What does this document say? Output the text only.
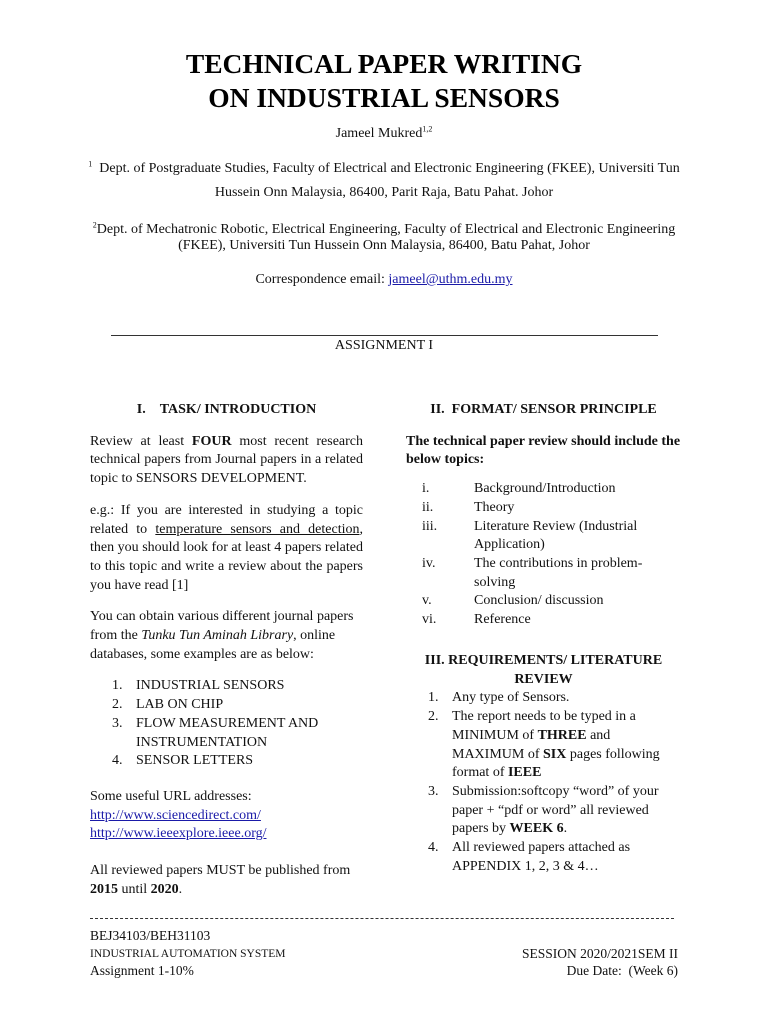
TECHNICAL PAPER WRITING
ON INDUSTRIAL SENSORS
Jameel Mukred$^{1,2}$
$^1$ Dept. of Postgraduate Studies, Faculty of Electrical and Electronic Engineering (FKEE), Universiti Tun
Hussein Onn Malaysia, 86400, Parit Raja, Batu Pahat. Johor
$^2$Dept. of Mechatronic Robotic, Electrical Engineering, Faculty of Electrical and Electronic Engineering
(FKEE), Universiti Tun Hussein Onn Malaysia, 86400, Batu Pahat, Johor
Correspondence email: jameel@uthm.edu.my
ASSIGNMENT I
I.    TASK/ INTRODUCTION

Review at least FOUR most recent research technical papers from Journal papers in a related topic to SENSORS DEVELOPMENT.

e.g.: If you are interested in studying a topic related to temperature sensors and detection, then you should look for at least 4 papers related to this topic and write a review about the papers you have read [1]

You can obtain various different journal papers from the Tunku Tun Aminah Library, online databases, some examples are as below:

1. INDUSTRIAL SENSORS
2. LAB ON CHIP
3. FLOW MEASUREMENT AND INSTRUMENTATION
4. SENSOR LETTERS

Some useful URL addresses:

http://www.sciencedirect.com/

http://www.ieeexplore.ieee.org/

All reviewed papers MUST be published from 2015 until 2020.

II.  FORMAT/ SENSOR PRINCIPLE

The technical paper review should include the below topics:

i.	Background/Introduction
ii.	Theory
iii.	Literature Review (Industrial Application)
iv.	The contributions in problem-solving
v.	Conclusion/ discussion
vi.	Reference
III. REQUIREMENTS/ LITERATURE
REVIEW
1. Any type of Sensors.
2. The report needs to be typed in a MINIMUM of THREE and MAXIMUM of SIX pages following format of IEEE
3. Submission:softcopy “word” of your paper + “pdf or word” all reviewed papers by WEEK 6.
4. All reviewed papers attached as APPENDIX 1, 2, 3 & 4…
BEJ34103/BEH31103
INDUSTRIAL AUTOMATION SYSTEM
Assignment 1-10%
SESSION 2020/2021SEM II
Due Date:  (Week 6)
